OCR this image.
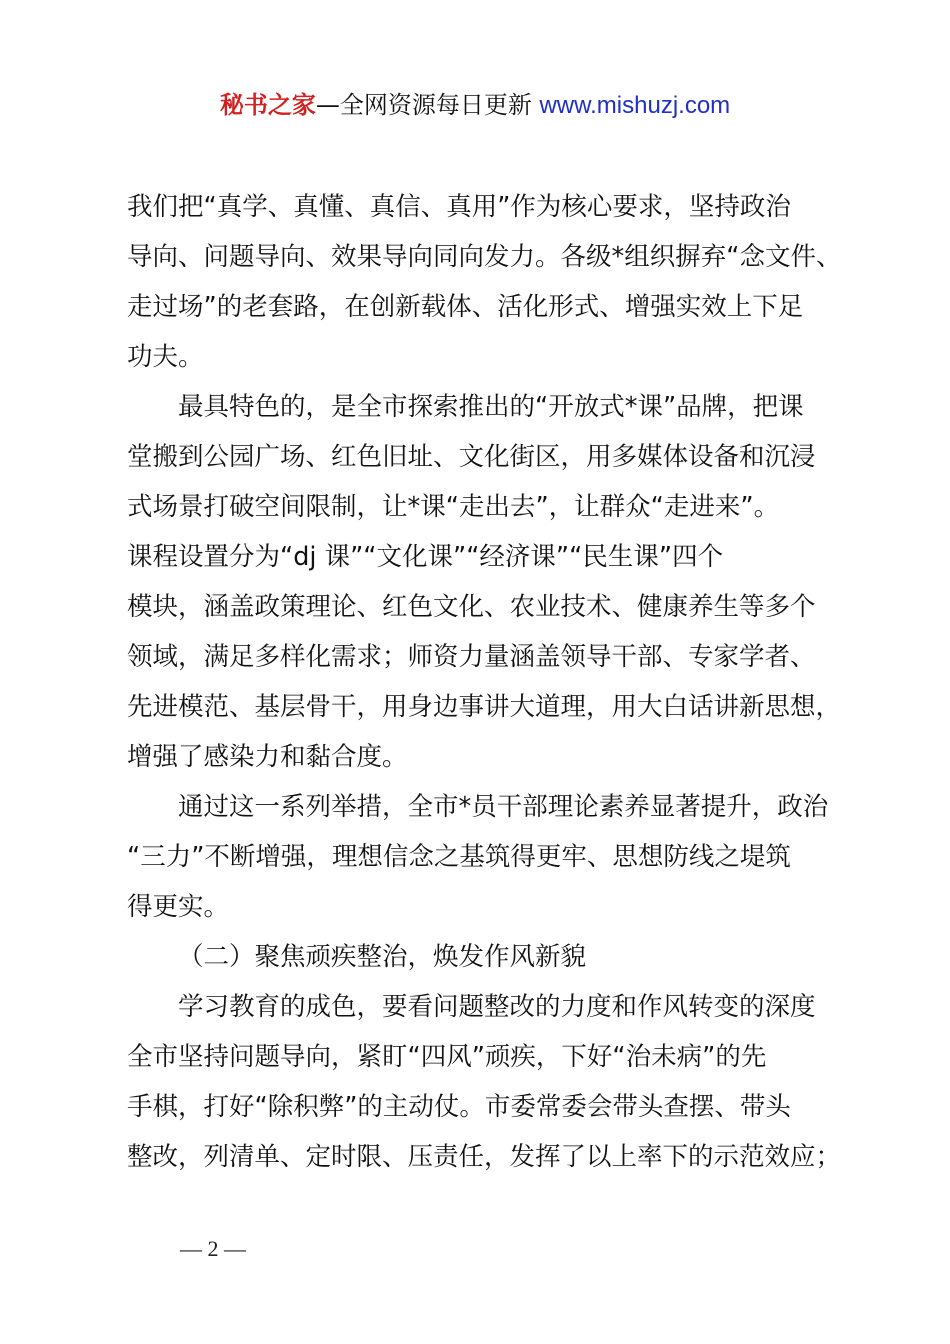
秘书之家—全网资源每日更新 www.mishuzj.com
我们把“真学、真懂、真信、真用”作为核心要求，坚持政治
导向、问题导向、效果导向同向发力。各级*组织摒弃“念文件、
走过场”的老套路，在创新载体、活化形式、增强实效上下足
功夫。
最具特色的，是全市探索推出的“开放式*课”品牌，把课
堂搬到公园广场、红色旧址、文化街区，用多媒体设备和沉浸
式场景打破空间限制，让*课“走出去”，让群众“走进来”。
课程设置分为“dj 课”“文化课”“经济课”“民生课”四个
模块，涵盖政策理论、红色文化、农业技术、健康养生等多个
领域，满足多样化需求；师资力量涵盖领导干部、专家学者、
先进模范、基层骨干，用身边事讲大道理，用大白话讲新思想，
增强了感染力和黏合度。
通过这一系列举措，全市*员干部理论素养显著提升，政治
“三力”不断增强，理想信念之基筑得更牢、思想防线之堤筑
得更实。
（二）聚焦顽疾整治，焕发作风新貌
学习教育的成色，要看问题整改的力度和作风转变的深度
全市坚持问题导向，紧盯“四风”顽疾，下好“治未病”的先
手棋，打好“除积弊”的主动仗。市委常委会带头查摆、带头
整改，列清单、定时限、压责任，发挥了以上率下的示范效应；
— 2 —
